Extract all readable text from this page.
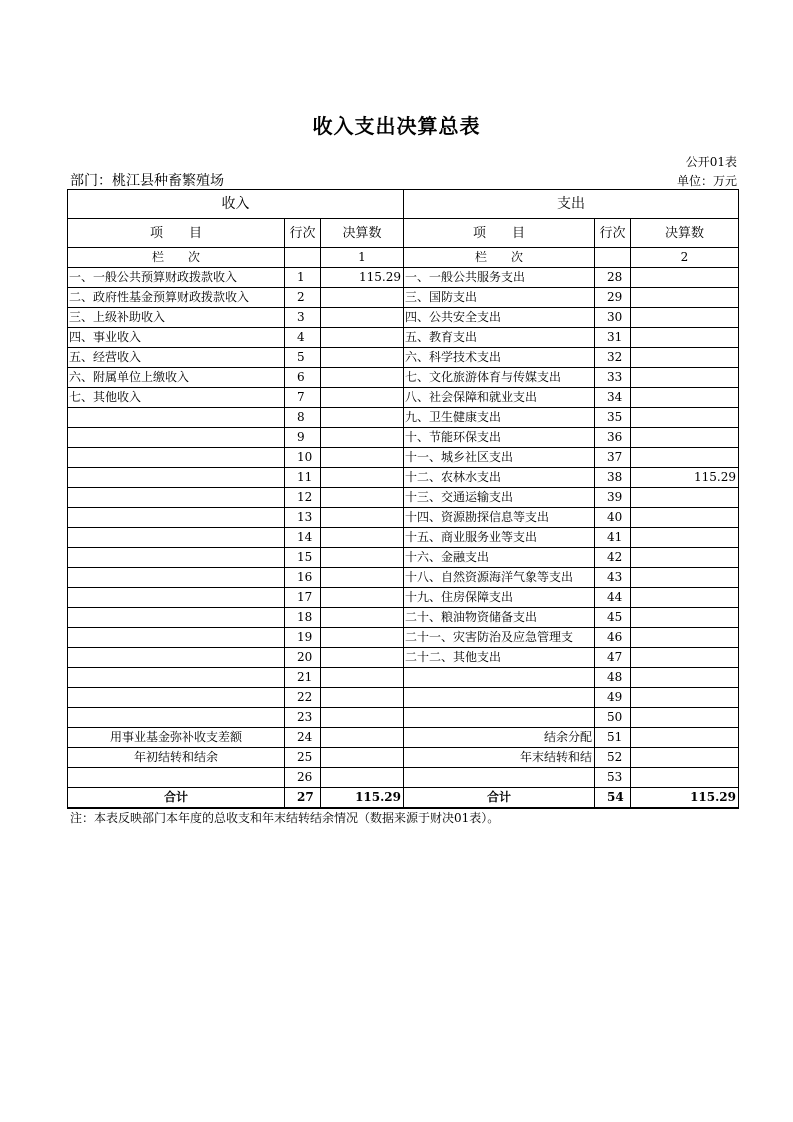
收入支出决算总表
公开01表
部门：桃江县种畜繁殖场	单位：万元
收入			支出		
项　　目	行次	决算数	项　　目	行次	决算数
栏　　次		1	栏　　次		2
一、一般公共预算财政拨款收入	1	115.29	一、一般公共服务支出	28	
二、政府性基金预算财政拨款收入	2		三、国防支出	29	
三、上级补助收入	3		四、公共安全支出	30	
四、事业收入	4		五、教育支出	31	
五、经营收入	5		六、科学技术支出	32	
六、附属单位上缴收入	6		七、文化旅游体育与传媒支出	33	
七、其他收入	7		八、社会保障和就业支出	34	
	8		九、卫生健康支出	35	
	9		十、节能环保支出	36	
	10		十一、城乡社区支出	37	
	11		十二、农林水支出	38	115.29
	12		十三、交通运输支出	39	
	13		十四、资源勘探信息等支出	40	
	14		十五、商业服务业等支出	41	
	15		十六、金融支出	42	
	16		十八、自然资源海洋气象等支出	43	
	17		十九、住房保障支出	44	
	18		二十、粮油物资储备支出	45	
	19		二十一、灾害防治及应急管理支	46	
	20		二十二、其他支出	47	
	21			48	
	22			49	
	23			50	
用事业基金弥补收支差额	24		结余分配	51	
年初结转和结余	25		年末结转和结	52	
	26			53	
合计	27	115.29	合计	54	115.29
注：本表反映部门本年度的总收支和年末结转结余情况（数据来源于财决01表）。
